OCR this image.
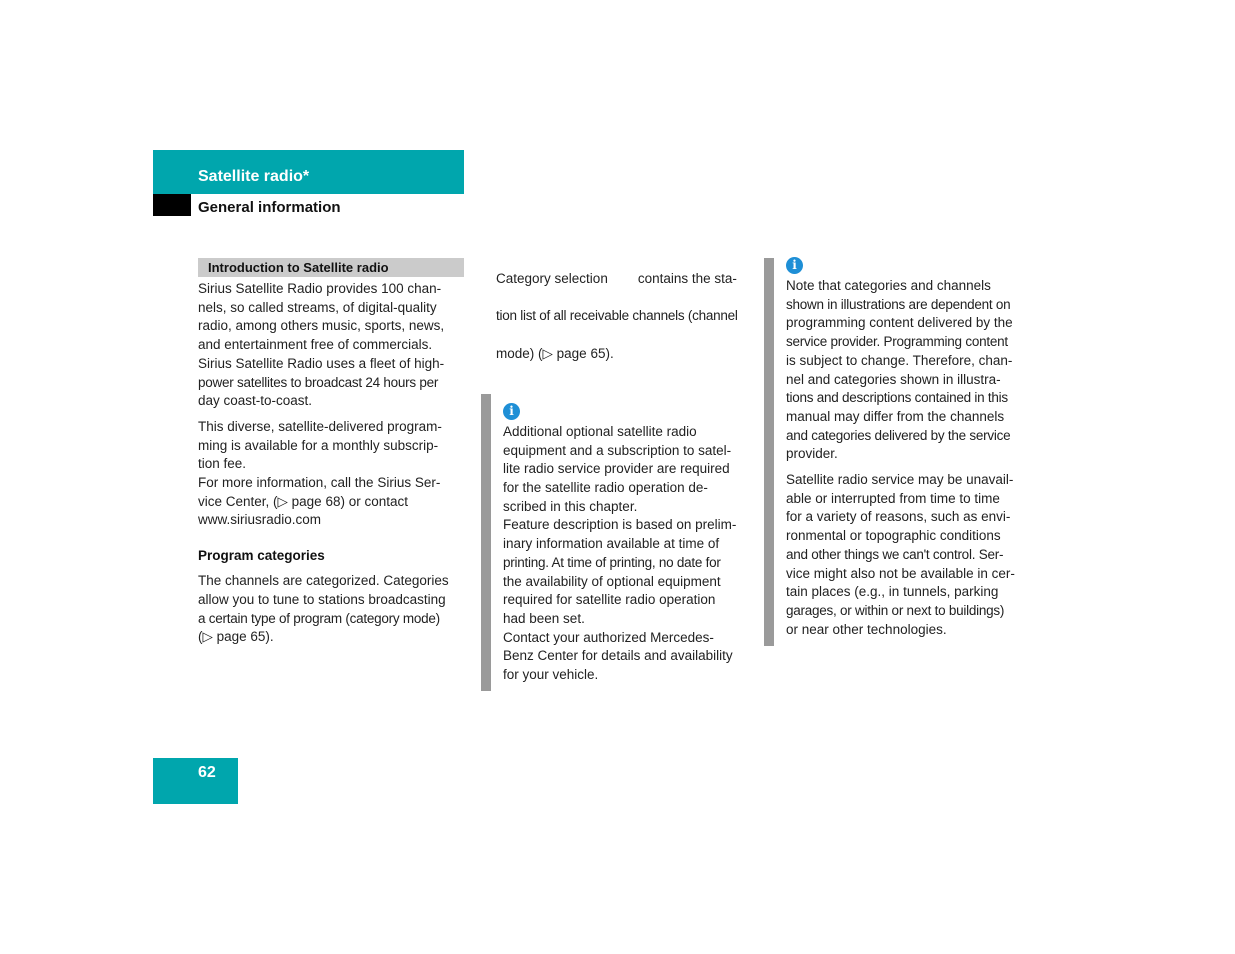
Satellite radio*
General information
Introduction to Satellite radio

Sirius Satellite Radio provides 100 chan-
nels, so called streams, of digital-quality
radio, among others music, sports, news,
and entertainment free of commercials.
Sirius Satellite Radio uses a fleet of high-
power satellites to broadcast 24 hours per
day coast-to-coast.

This diverse, satellite-delivered program-
ming is available for a monthly subscrip-
tion fee.
For more information, call the Sirius Ser-
vice Center, (▷ page 68) or contact
www.siriusradio.com

Program categories

The channels are categorized. Categories
allow you to tune to stations broadcasting
a certain type of program (category mode)
(▷ page 65).

Category selection        contains the sta-

tion list of all receivable channels (channel

mode) (▷ page 65).

i

Additional optional satellite radio
equipment and a subscription to satel-
lite radio service provider are required
for the satellite radio operation de-
scribed in this chapter.
Feature description is based on prelim-
inary information available at time of
printing. At time of printing, no date for
the availability of optional equipment
required for satellite radio operation
had been set.
Contact your authorized Mercedes-
Benz Center for details and availability
for your vehicle.

i

Note that categories and channels
shown in illustrations are dependent on
programming content delivered by the
service provider. Programming content
is subject to change. Therefore, chan-
nel and categories shown in illustra-
tions and descriptions contained in this
manual may differ from the channels
and categories delivered by the service
provider.

Satellite radio service may be unavail-
able or interrupted from time to time
for a variety of reasons, such as envi-
ronmental or topographic conditions
and other things we can't control. Ser-
vice might also not be available in cer-
tain places (e.g., in tunnels, parking
garages, or within or next to buildings)
or near other technologies.

62
